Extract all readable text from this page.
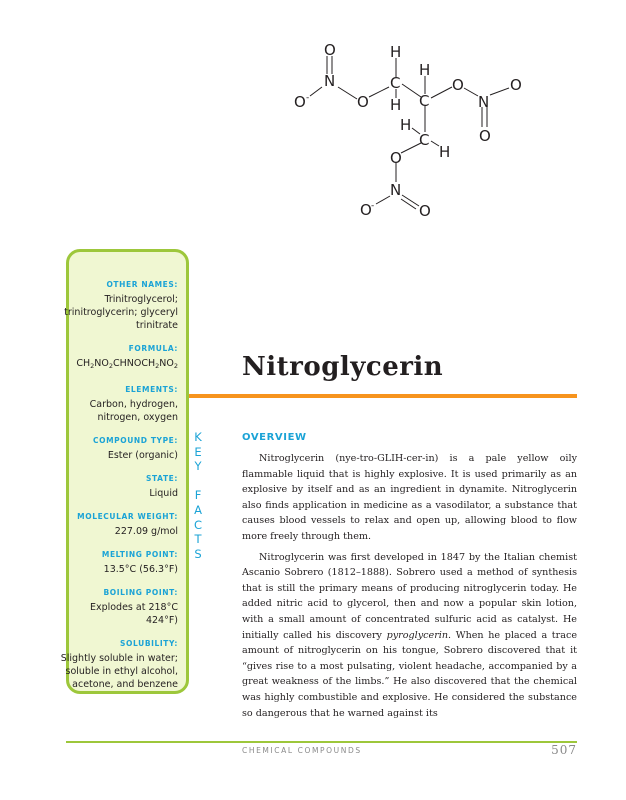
O
N
O -	O
H
C
H
H
C
O
N
O
O
H
C
H
O
N
O -	O
OTHER NAMES:
Trinitroglycerol; trinitroglycerin; glyceryl trinitrate
FORMULA:
$CH_2NO_2CHNOCH_2NO_2$
ELEMENTS:
Carbon, hydrogen, nitrogen, oxygen
COMPOUND TYPE:
Ester (organic)
STATE:
Liquid
MOLECULAR WEIGHT:
227.09 g/mol
MELTING POINT:
13.5°C (56.3°F)
BOILING POINT:
Explodes at 218°C 424°F)
SOLUBILITY:
Slightly soluble in water; soluble in ethyl alcohol, acetone, and benzene
K
E
Y

F
A
C
T
S
Nitroglycerin
OVERVIEW

Nitroglycerin (nye-tro-GLIH-cer-in) is a pale yellow oily flammable liquid that is highly explosive. It is used primarily as an explosive by itself and as an ingredient in dynamite. Nitroglycerin also finds application in medicine as a vasodilator, a substance that causes blood vessels to relax and open up, allowing blood to flow more freely through them.

Nitroglycerin was first developed in 1847 by the Italian chemist Ascanio Sobrero (1812–1888). Sobrero used a method of synthesis that is still the primary means of producing nitroglycerin today. He added nitric acid to glycerol, then and now a popular skin lotion, with a small amount of concentrated sulfuric acid as catalyst. He initially called his discovery pyroglycerin. When he placed a trace amount of nitroglycerin on his tongue, Sobrero discovered that it “gives rise to a most pulsating, violent headache, accompanied by a great weakness of the limbs.” He also discovered that the chemical was highly combustible and explosive. He considered the substance so dangerous that he warned against its

CHEMICAL COMPOUNDS	507
